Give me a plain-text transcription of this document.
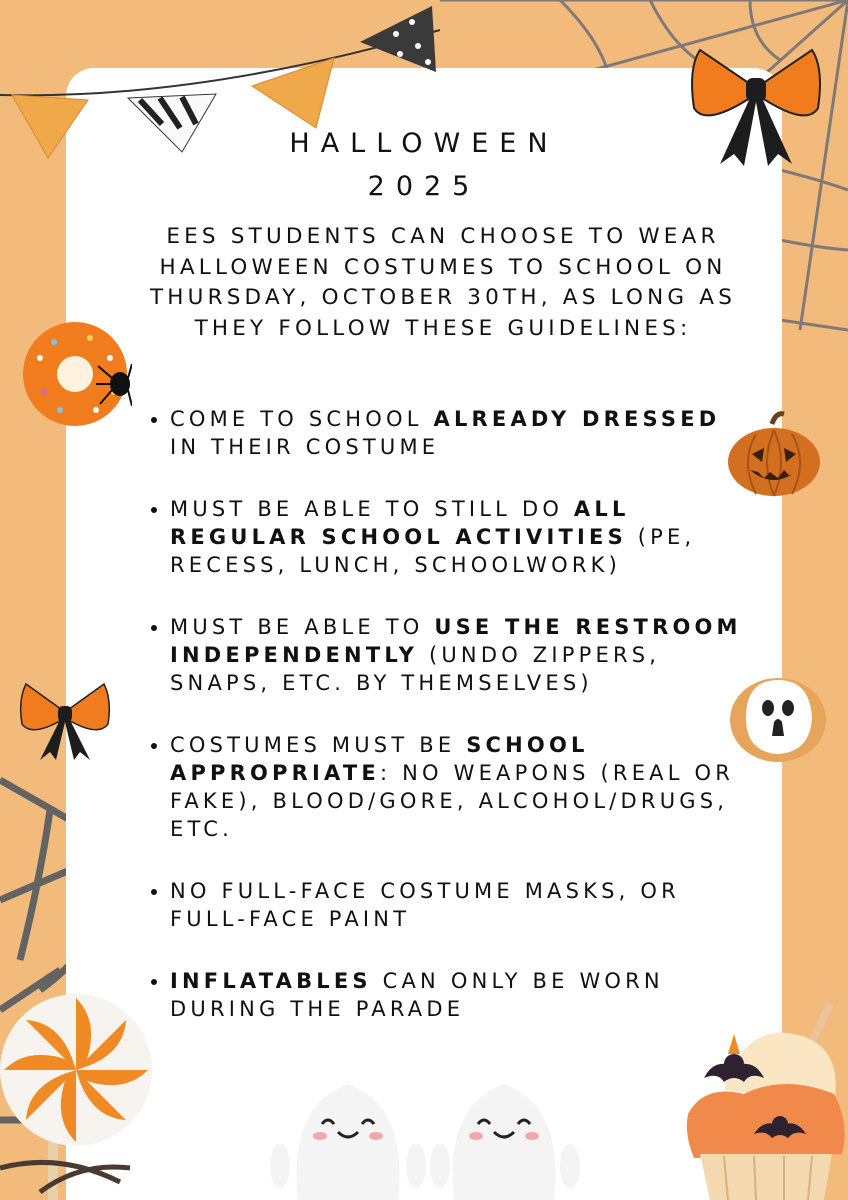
HALLOWEEN
2025
EES STUDENTS CAN CHOOSE TO WEAR HALLOWEEN COSTUMES TO SCHOOL ON THURSDAY, OCTOBER 30TH, AS LONG AS THEY FOLLOW THESE GUIDELINES:
COME TO SCHOOL ALREADY DRESSED IN THEIR COSTUME
MUST BE ABLE TO STILL DO ALL REGULAR SCHOOL ACTIVITIES (PE, RECESS, LUNCH, SCHOOLWORK)
MUST BE ABLE TO USE THE RESTROOM INDEPENDENTLY (UNDO ZIPPERS, SNAPS, ETC. BY THEMSELVES)
COSTUMES MUST BE SCHOOL APPROPRIATE: NO WEAPONS (REAL OR FAKE), BLOOD/GORE, ALCOHOL/DRUGS, ETC.
NO FULL-FACE COSTUME MASKS, OR FULL-FACE PAINT
INFLATABLES CAN ONLY BE WORN DURING THE PARADE
